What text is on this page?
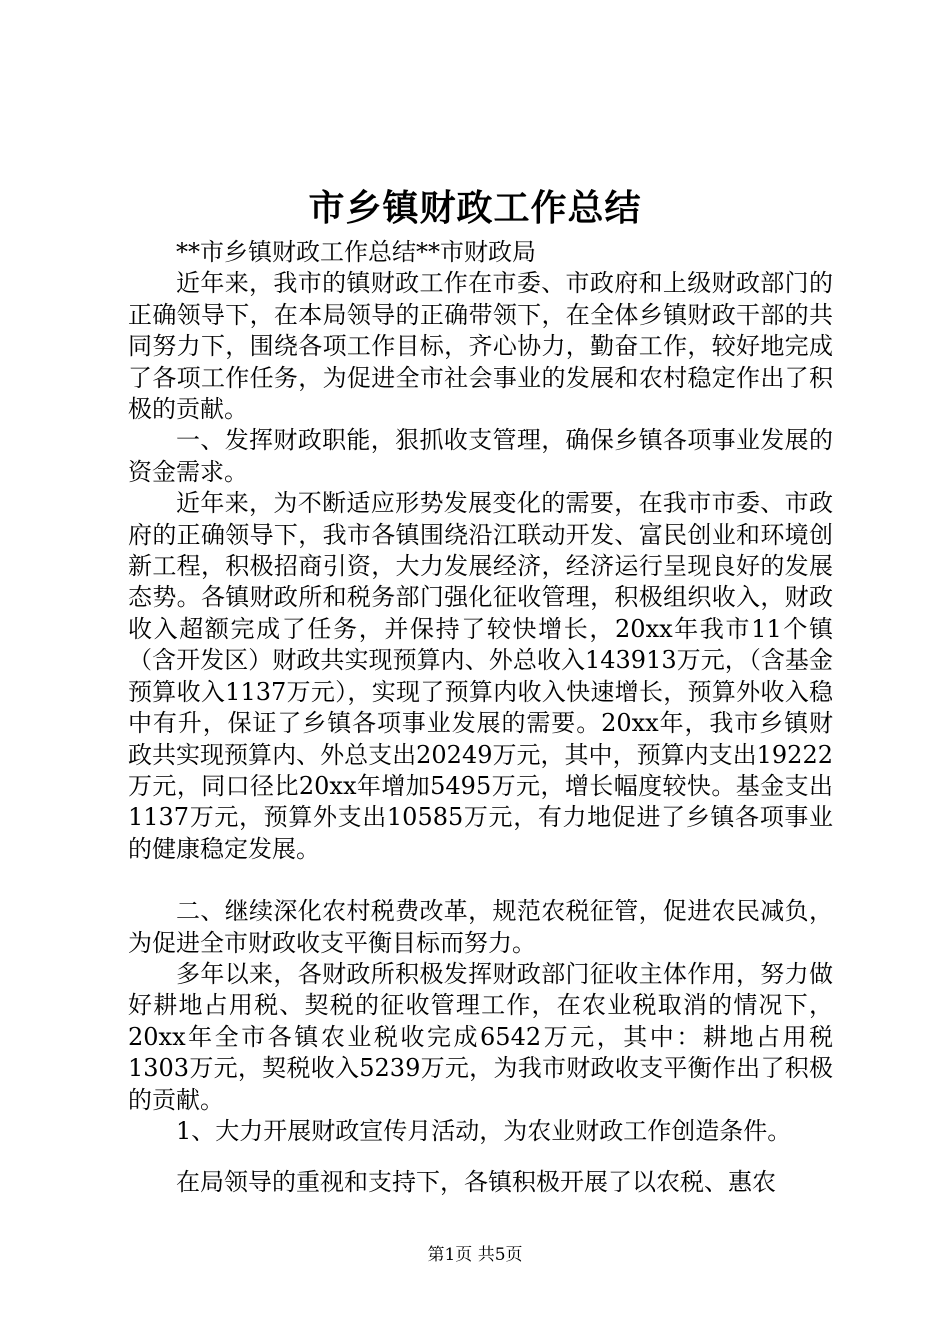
市乡镇财政工作总结

**市乡镇财政工作总结**市财政局

近年来，我市的镇财政工作在市委、市政府和上级财政部门的正确领导下，在本局领导的正确带领下，在全体乡镇财政干部的共同努力下，围绕各项工作目标，齐心协力，勤奋工作，较好地完成了各项工作任务，为促进全市社会事业的发展和农村稳定作出了积极的贡献。

一、发挥财政职能，狠抓收支管理，确保乡镇各项事业发展的资金需求。

近年来，为不断适应形势发展变化的需要，在我市市委、市政府的正确领导下，我市各镇围绕沿江联动开发、富民创业和环境创新工程，积极招商引资，大力发展经济，经济运行呈现良好的发展态势。各镇财政所和税务部门强化征收管理，积极组织收入，财政收入超额完成了任务，并保持了较快增长，20xx年我市11个镇（含开发区）财政共实现预算内、外总收入143913万元，（含基金预算收入1137万元），实现了预算内收入快速增长，预算外收入稳中有升，保证了乡镇各项事业发展的需要。20xx年，我市乡镇财政共实现预算内、外总支出20249万元，其中，预算内支出19222万元，同口径比20xx年增加5495万元，增长幅度较快。基金支出1137万元，预算外支出10585万元，有力地促进了乡镇各项事业的健康稳定发展。

二、继续深化农村税费改革，规范农税征管，促进农民减负，为促进全市财政收支平衡目标而努力。

多年以来，各财政所积极发挥财政部门征收主体作用，努力做好耕地占用税、契税的征收管理工作，在农业税取消的情况下，20xx年全市各镇农业税收完成6542万元，其中：耕地占用税1303万元，契税收入5239万元，为我市财政收支平衡作出了积极的贡献。

1、大力开展财政宣传月活动，为农业财政工作创造条件。

在局领导的重视和支持下，各镇积极开展了以农税、惠农

第1页 共5页
